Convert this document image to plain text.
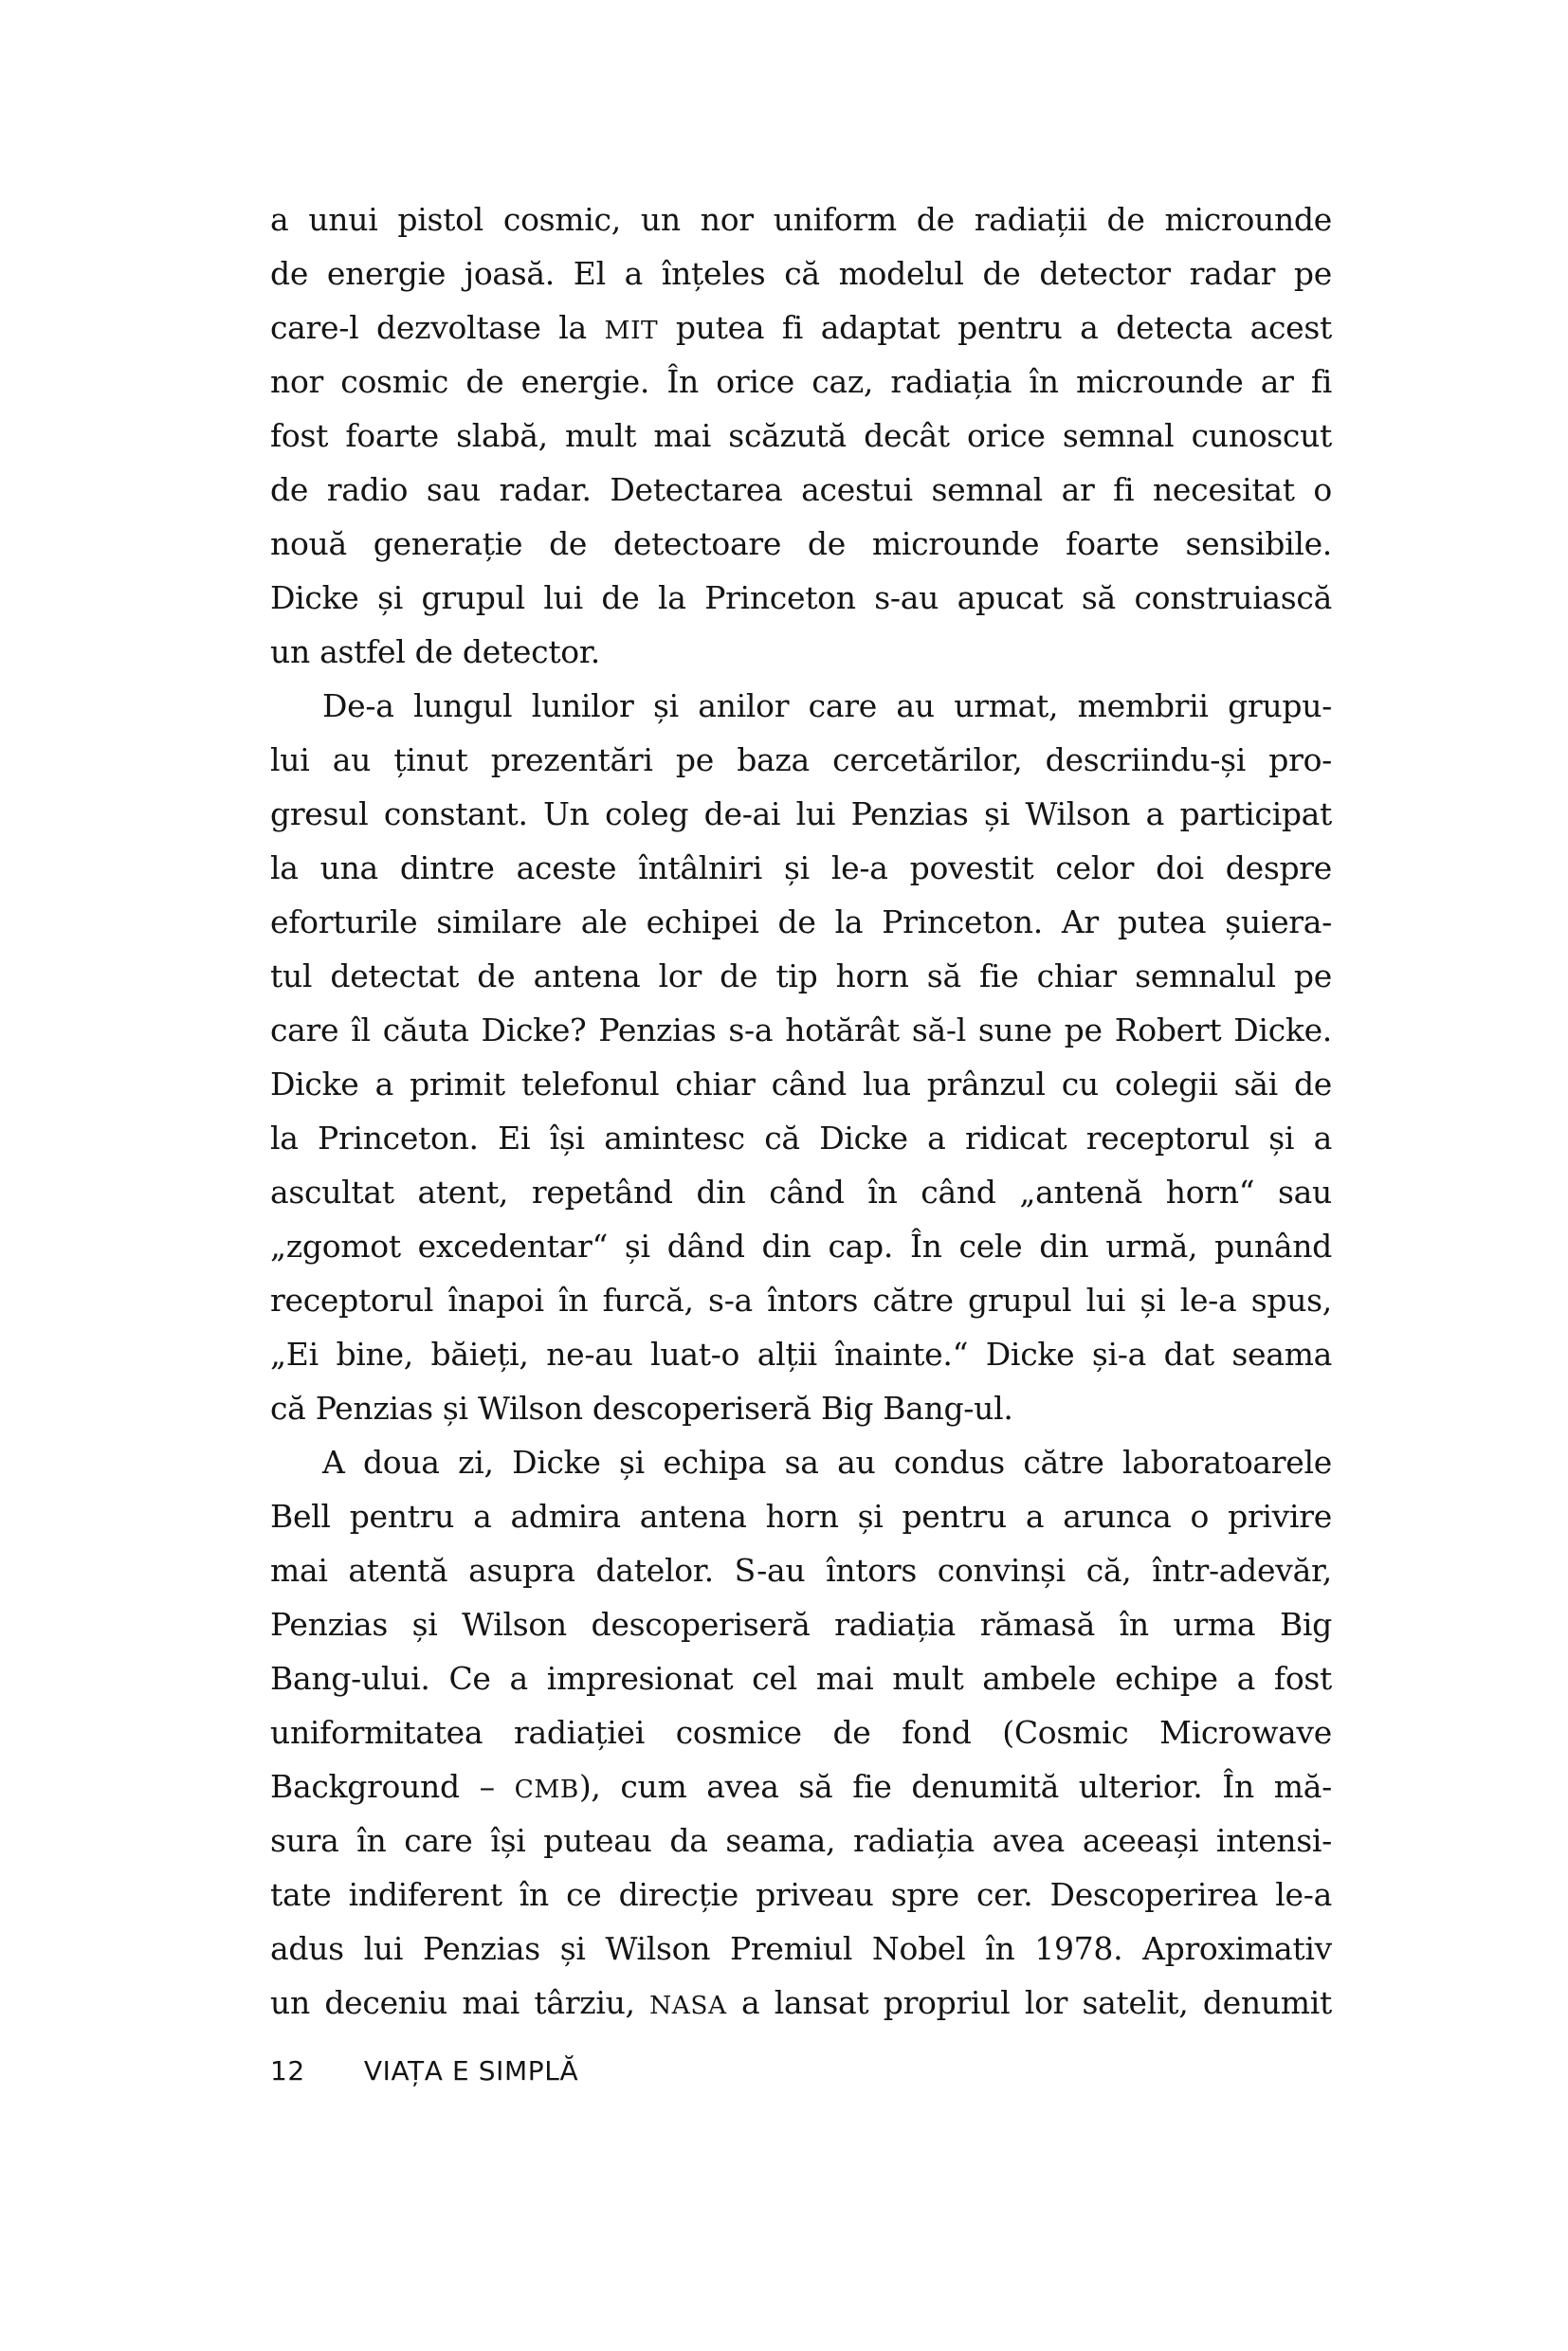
a unui pistol cosmic, un nor uniform de radiații de microunde
de energie joasă. El a înțeles că modelul de detector radar pe
care-l dezvoltase la MIT putea fi adaptat pentru a detecta acest
nor cosmic de energie. În orice caz, radiația în microunde ar fi
fost foarte slabă, mult mai scăzută decât orice semnal cunoscut
de radio sau radar. Detectarea acestui semnal ar fi necesitat o
nouă generație de detectoare de microunde foarte sensibile.
Dicke și grupul lui de la Princeton s-au apucat să construiască
un astfel de detector.
De-a lungul lunilor și anilor care au urmat, membrii grupu-
lui au ținut prezentări pe baza cercetărilor, descriindu-și pro-
gresul constant. Un coleg de-ai lui Penzias și Wilson a participat
la una dintre aceste întâlniri și le-a povestit celor doi despre
eforturile similare ale echipei de la Princeton. Ar putea șuiera-
tul detectat de antena lor de tip horn să fie chiar semnalul pe
care îl căuta Dicke? Penzias s-a hotărât să-l sune pe Robert Dicke.
Dicke a primit telefonul chiar când lua prânzul cu colegii săi de
la Princeton. Ei își amintesc că Dicke a ridicat receptorul și a
ascultat atent, repetând din când în când „antenă horn“ sau
„zgomot excedentar“ și dând din cap. În cele din urmă, punând
receptorul înapoi în furcă, s-a întors către grupul lui și le-a spus,
„Ei bine, băieți, ne-au luat-o alții înainte.“ Dicke și-a dat seama
că Penzias și Wilson descoperiseră Big Bang-ul.
A doua zi, Dicke și echipa sa au condus către laboratoarele
Bell pentru a admira antena horn și pentru a arunca o privire
mai atentă asupra datelor. S-au întors convinși că, într-adevăr,
Penzias și Wilson descoperiseră radiația rămasă în urma Big
Bang-ului. Ce a impresionat cel mai mult ambele echipe a fost
uniformitatea radiației cosmice de fond (Cosmic Microwave
Background – CMB), cum avea să fie denumită ulterior. În mă-
sura în care își puteau da seama, radiația avea aceeași intensi-
tate indiferent în ce direcție priveau spre cer. Descoperirea le-a
adus lui Penzias și Wilson Premiul Nobel în 1978. Aproximativ
un deceniu mai târziu, NASA a lansat propriul lor satelit, denumit
12 VIAȚA E SIMPLĂ
